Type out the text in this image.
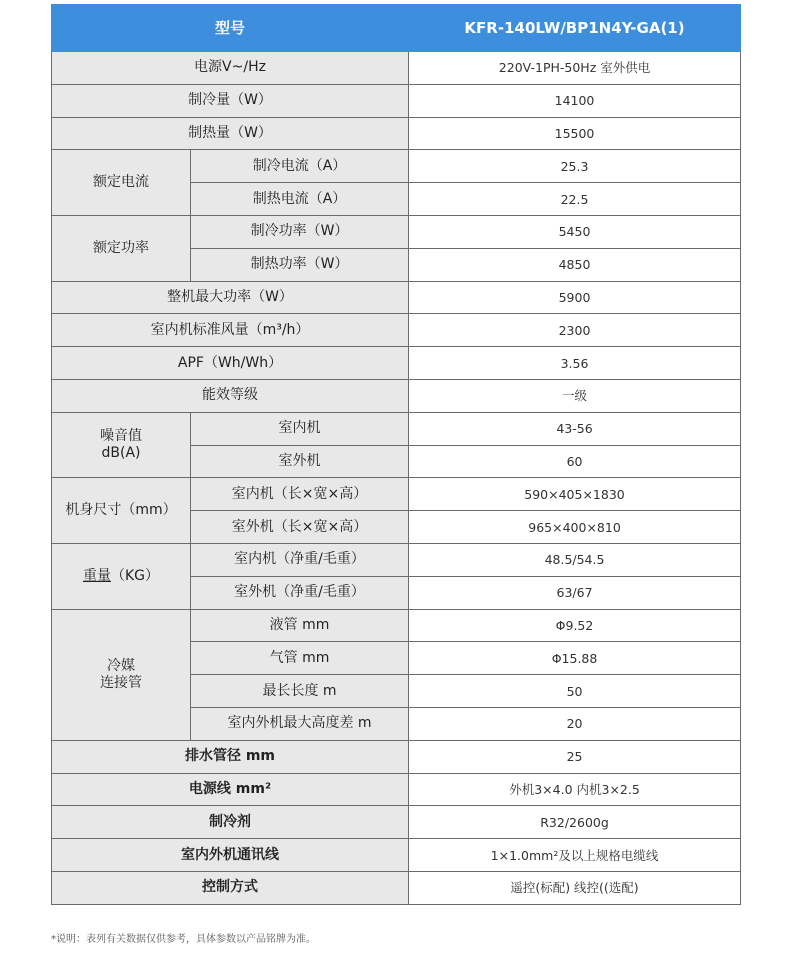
型号		KFR-140LW/BP1N4Y-GA(1)
电源V~/Hz		220V-1PH-50Hz 室外供电
制冷量（W）		14100
制热量（W）		15500
额定电流	制冷电流（A）	25.3
	制热电流（A）	22.5
额定功率	制冷功率（W）	5450
	制热功率（W）	4850
整机最大功率（W）		5900
室内机标准风量（m³/h）		2300
APF（Wh/Wh）		3.56
能效等级		一级
噪音值
dB(A)	室内机	43-56
	室外机	60
机身尺寸（mm）	室内机（长×宽×高）	590×405×1830
	室外机（长×宽×高）	965×400×810
重量（KG）	室内机（净重/毛重）	48.5/54.5
	室外机（净重/毛重）	63/67
冷媒
连接管	液管 mm	Φ9.52
	气管 mm	Φ15.88
	最长长度 m	50
	室内外机最大高度差 m	20
排水管径 mm		25
电源线 mm²		外机3×4.0 内机3×2.5
制冷剂		R32/2600g
室内外机通讯线		1×1.0mm²及以上规格电缆线
控制方式		遥控(标配) 线控((选配)
*说明：表列有关数据仅供参考，具体参数以产品铭牌为准。
